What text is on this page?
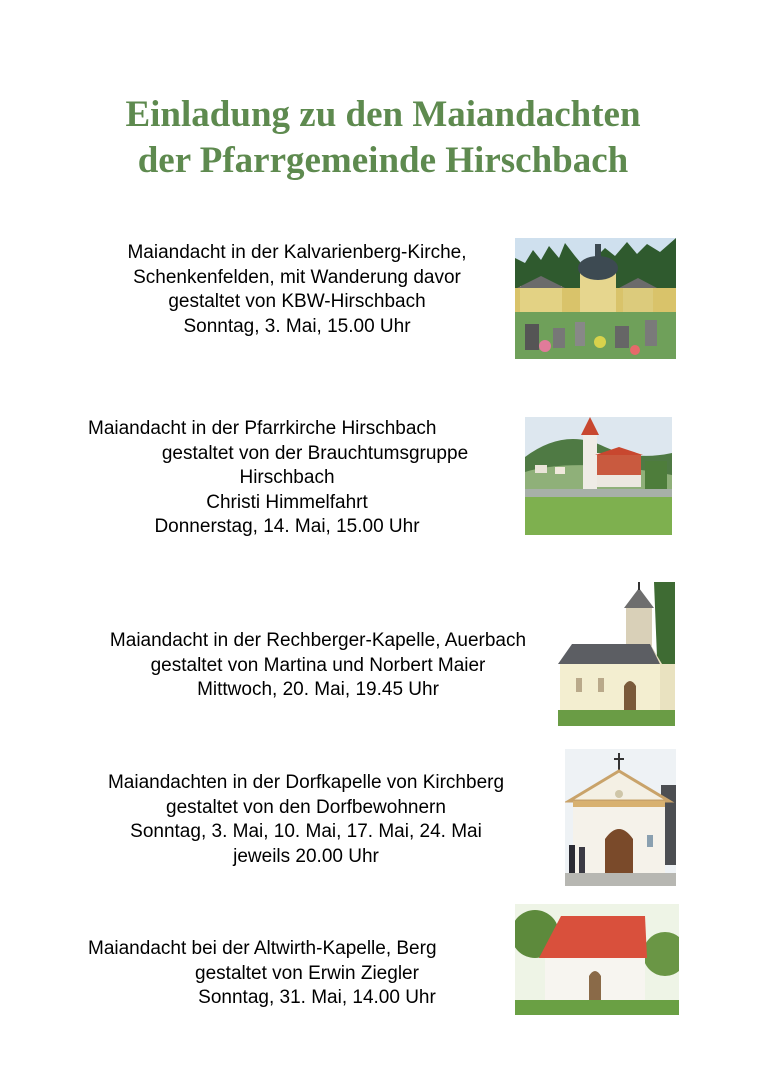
Einladung zu den Maiandachten
der Pfarrgemeinde Hirschbach
Maiandacht in der Kalvarienberg-Kirche,
Schenkenfelden, mit Wanderung davor
gestaltet von KBW-Hirschbach
Sonntag, 3. Mai, 15.00 Uhr
Maiandacht in der Pfarrkirche Hirschbach
gestaltet von der Brauchtumsgruppe
Hirschbach
Christi Himmelfahrt
Donnerstag, 14. Mai, 15.00 Uhr
Maiandacht in der Rechberger-Kapelle, Auerbach
gestaltet von Martina und Norbert Maier
Mittwoch, 20. Mai, 19.45 Uhr
Maiandachten in der Dorfkapelle von Kirchberg
gestaltet von den Dorfbewohnern
Sonntag, 3. Mai, 10. Mai, 17. Mai, 24. Mai
jeweils 20.00 Uhr
Maiandacht bei der Altwirth-Kapelle, Berg
gestaltet von Erwin Ziegler
Sonntag, 31. Mai, 14.00 Uhr
